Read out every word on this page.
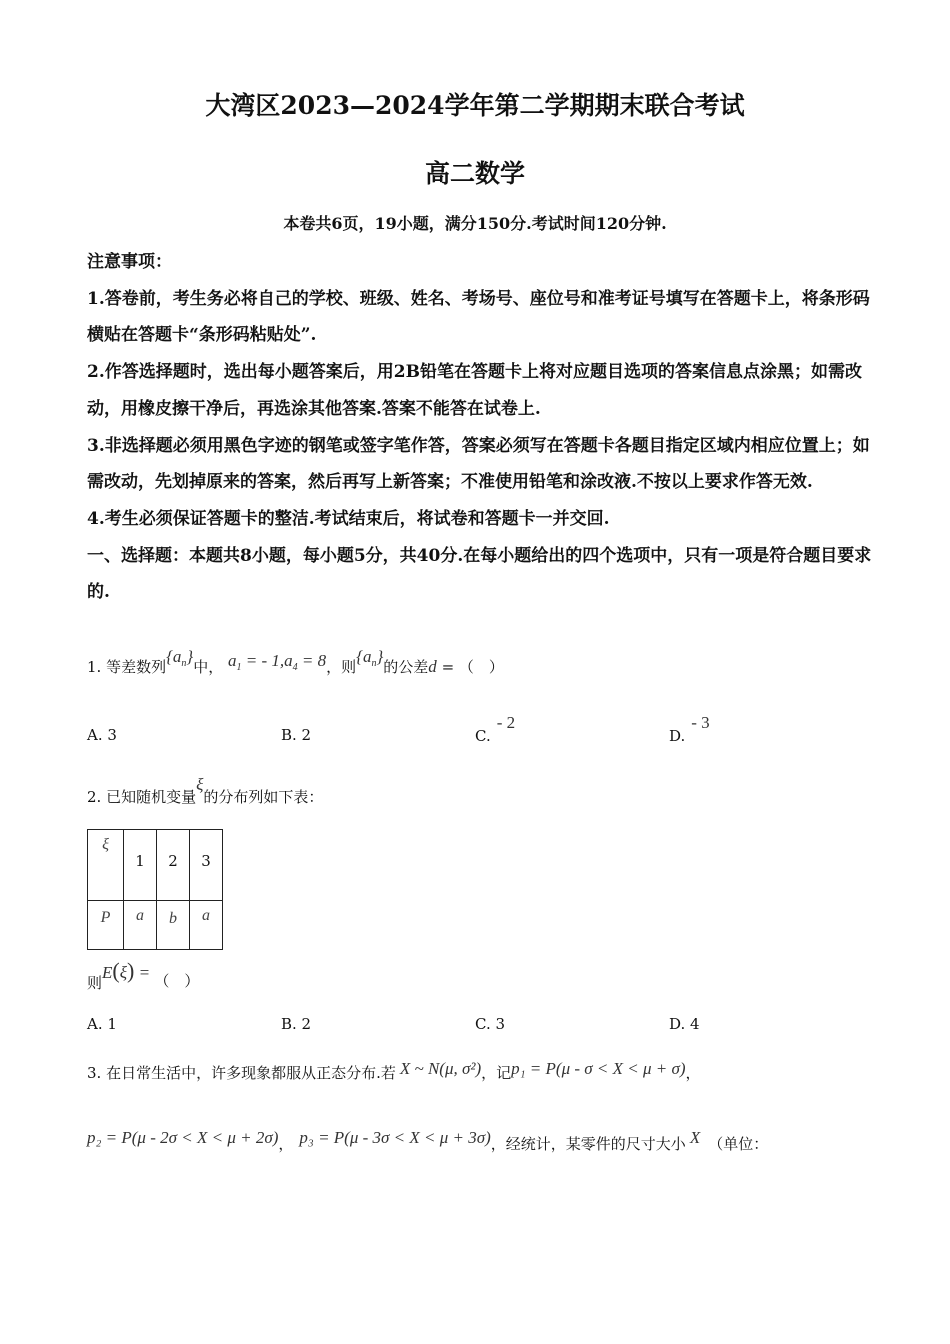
大湾区2023—2024学年第二学期期末联合考试
高二数学
本卷共6页，19小题，满分150分.考试时间120分钟.

注意事项：

1.答卷前，考生务必将自己的学校、班级、姓名、考场号、座位号和准考证号填写在答题卡上，将条形码横贴在答题卡“条形码粘贴处”.

2.作答选择题时，选出每小题答案后，用2B铅笔在答题卡上将对应题目选项的答案信息点涂黑；如需改动，用橡皮擦干净后，再选涂其他答案.答案不能答在试卷上.

3.非选择题必须用黑色字迹的钢笔或签字笔作答，答案必须写在答题卡各题目指定区域内相应位置上；如需改动，先划掉原来的答案，然后再写上新答案；不准使用铅笔和涂改液.不按以上要求作答无效.

4.考生必须保证答题卡的整洁.考试结束后，将试卷和答题卡一并交回.

一、选择题：本题共8小题，每小题5分，共40分.在每小题给出的四个选项中，只有一项是符合题目要求的.

1. 等差数列$\{a_n\}$中， $a_1$ = - $1,a_4 = 8$，则$\{a_n\}$的公差d = （　）
A. 3	B. 2	C.- 2
D.- 3
2. 已知随机变量ξ的分布列如下表：
ξ	1	2	3

P	a	b	a
则E(ξ) = （　）
A. 1	B. 2	C. 3	D. 4
3. 在日常生活中，许多现象都服从正态分布.若 X ~ N(μ, σ²)，记p₁ = P(μ - σ < X < μ + σ)，
p₂ = P(μ - 2σ < X < μ + 2σ)， p₃ = P(μ - 3σ < X < μ + 3σ)，经统计，某零件的尺寸大小 X （单位：
